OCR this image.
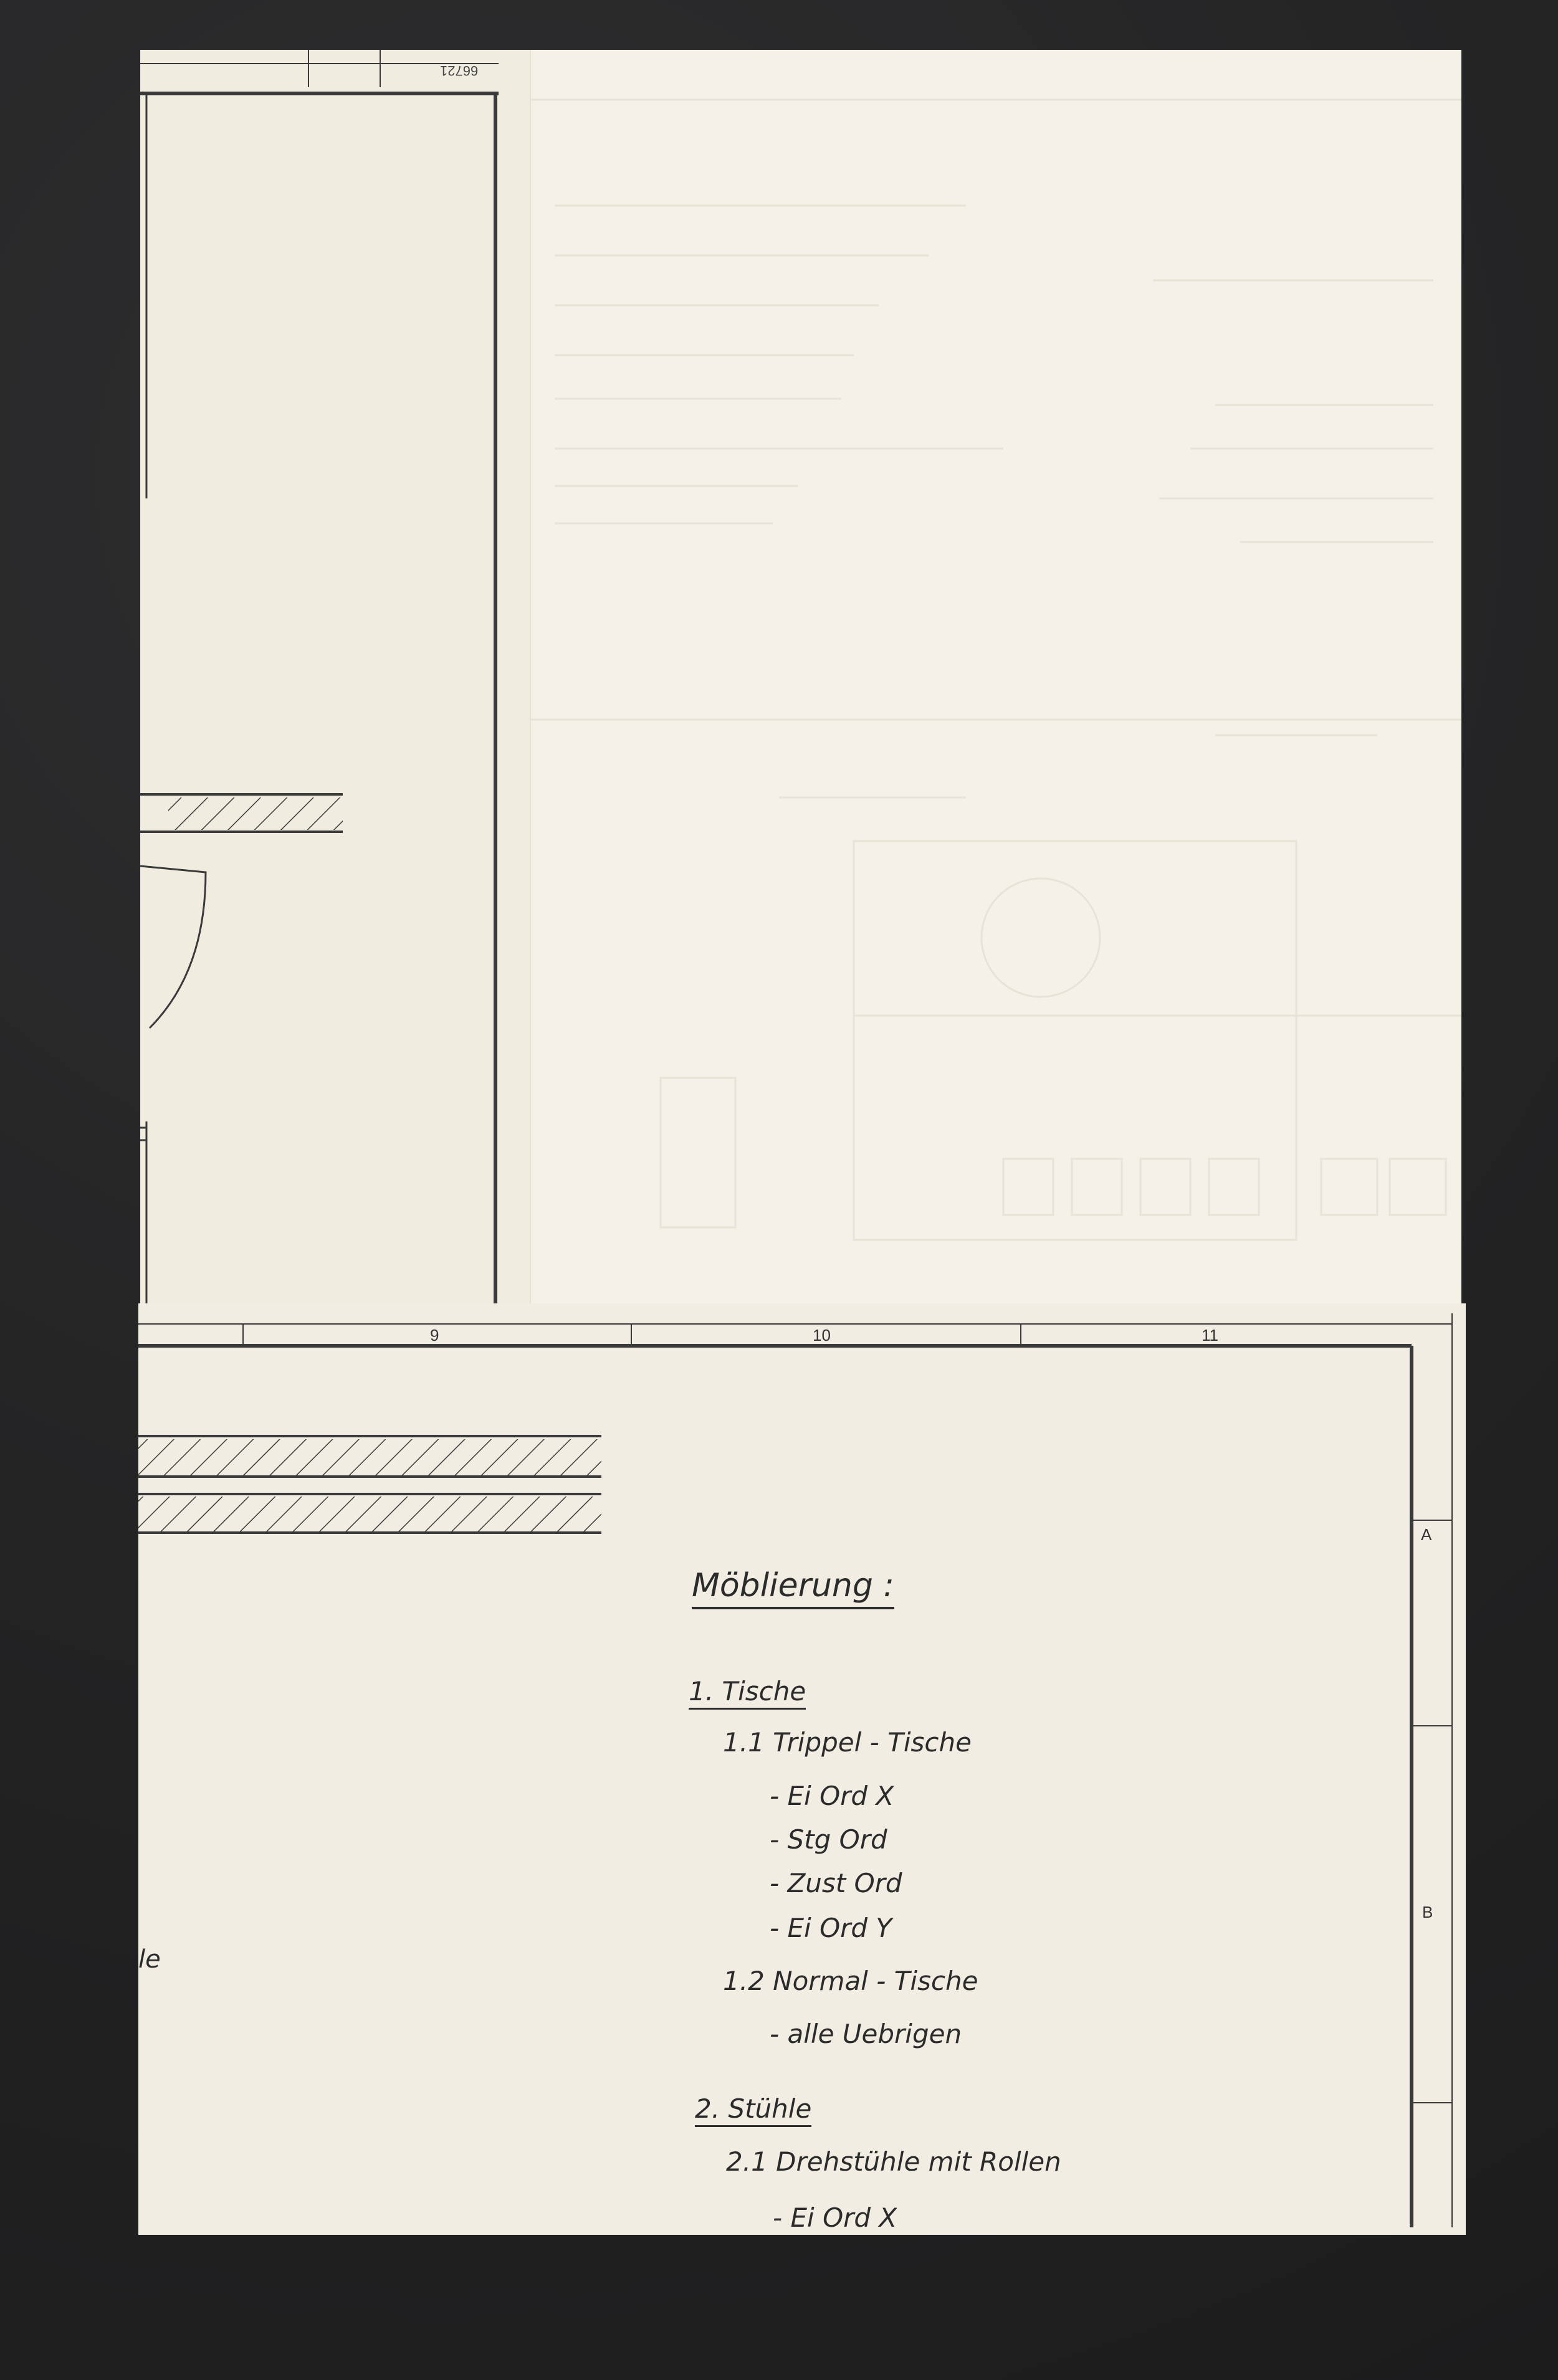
66721
9	10	11
A
B
le
Möblierung :
1. Tische
1.1 Trippel - Tische
- Ei Ord X
- Stg Ord
- Zust Ord
- Ei Ord Y
1.2 Normal - Tische
- alle Uebrigen
2. Stühle
2.1 Drehstühle mit Rollen
- Ei Ord X
